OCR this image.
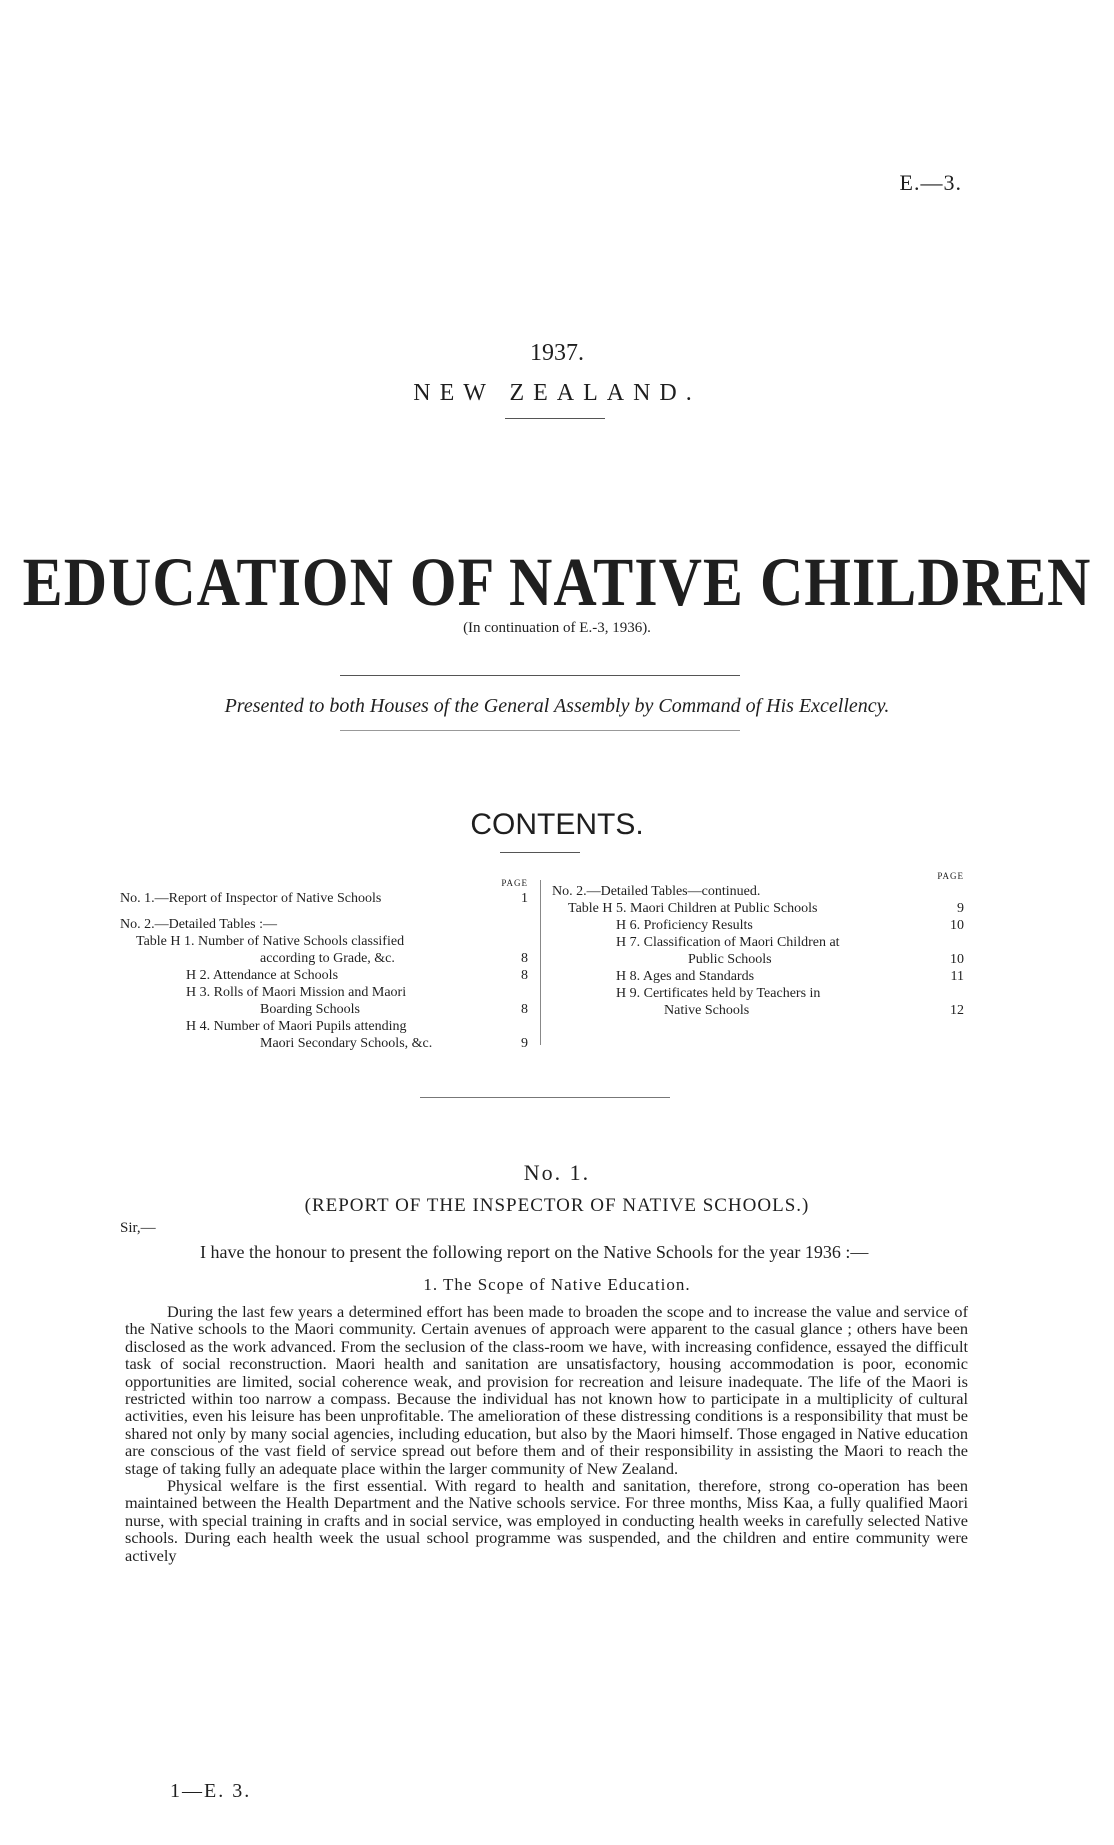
E.—3.
1937.
NEW ZEALAND.
EDUCATION OF NATIVE CHILDREN
(In continuation of E.-3, 1936).
Presented to both Houses of the General Assembly by Command of His Excellency.
CONTENTS.
PAGE
No. 1.—Report of Inspector of Native Schools	1
No. 2.—Detailed Tables :—
Table H 1. Number of Native Schools classified
according to Grade, &c.	8
H 2. Attendance at Schools	8
H 3. Rolls of Maori Mission and Maori
Boarding Schools	8
H 4. Number of Maori Pupils attending
Maori Secondary Schools, &c.	9
PAGE
No. 2.—Detailed Tables—continued.
Table H 5. Maori Children at Public Schools	9
H 6. Proficiency Results	10
H 7. Classification of Maori Children at
Public Schools	10
H 8. Ages and Standards	11
H 9. Certificates held by Teachers in
Native Schools	12
No. 1.
(REPORT OF THE INSPECTOR OF NATIVE SCHOOLS.)
Sir,—
I have the honour to present the following report on the Native Schools for the year 1936 :—
1. The Scope of Native Education.

During the last few years a determined effort has been made to broaden the scope and to increase the value and service of the Native schools to the Maori community. Certain avenues of approach were apparent to the casual glance ; others have been disclosed as the work advanced. From the seclusion of the class-room we have, with increasing confidence, essayed the difficult task of social reconstruction. Maori health and sanitation are unsatisfactory, housing accommodation is poor, economic opportunities are limited, social coherence weak, and provision for recreation and leisure inadequate. The life of the Maori is restricted within too narrow a compass. Because the individual has not known how to participate in a multiplicity of cultural activities, even his leisure has been unprofitable. The amelioration of these distressing conditions is a responsibility that must be shared not only by many social agencies, including education, but also by the Maori himself. Those engaged in Native education are conscious of the vast field of service spread out before them and of their responsibility in assisting the Maori to reach the stage of taking fully an adequate place within the larger community of New Zealand.

Physical welfare is the first essential. With regard to health and sanitation, therefore, strong co-operation has been maintained between the Health Department and the Native schools service. For three months, Miss Kaa, a fully qualified Maori nurse, with special training in crafts and in social service, was employed in conducting health weeks in carefully selected Native schools. During each health week the usual school programme was suspended, and the children and entire community were actively

1—E. 3.
